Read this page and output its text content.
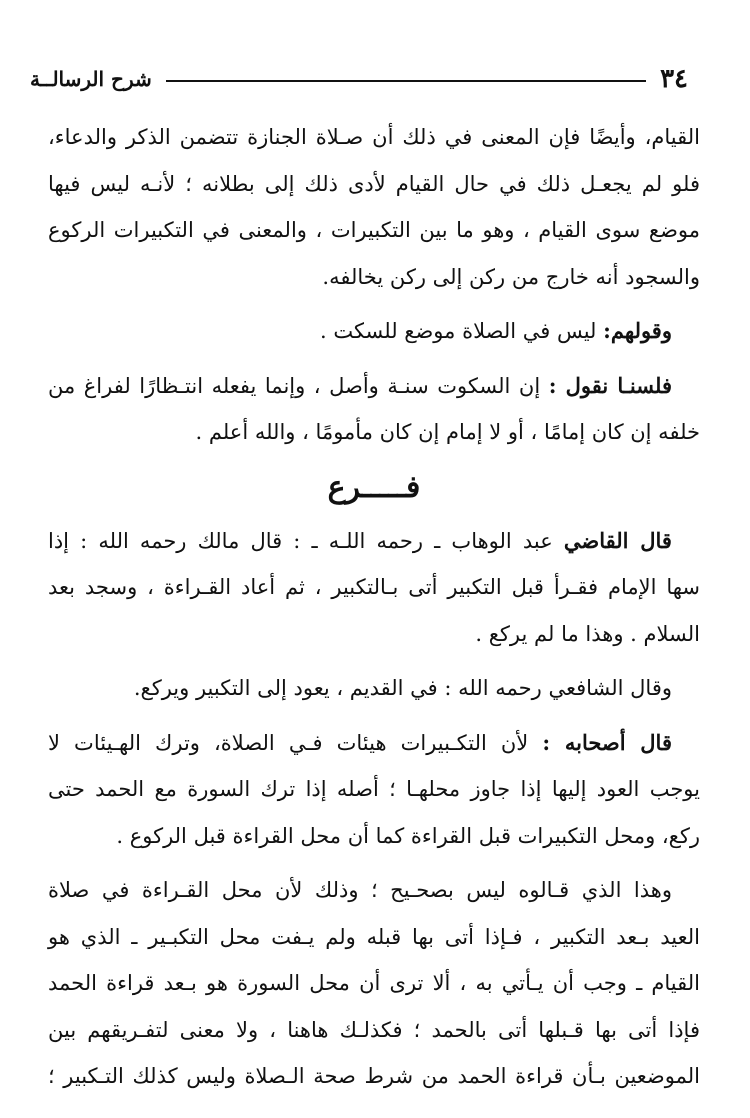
٣٤
شرح الرسالــة

القيام، وأيضًا فإن المعنى في ذلك أن صـلاة الجنازة تتضمن الذكر والدعاء،
فلو لم يجعـل ذلك في حال القيام لأدى ذلك إلى بطلانه ؛ لأنـه ليس فيها
موضع سوى القيام ، وهو ما بين التكبيرات ، والمعنى في التكبيرات الركوع
والسجود أنه خارج من ركن إلى ركن يخالفه.

وقولهم: ليس في الصلاة موضع للسكت .

فلسنـا نقول : إن السكوت سنـة وأصل ، وإنما يفعله انتـظارًا لفراغ من
خلفه إن كان إمامًا ، أو لا إمام إن كان مأمومًا ، والله أعلم .

فـــــرع

قال القاضي عبد الوهاب ـ رحمه اللـه ـ : قال مالك رحمه الله : إذا
سها الإمام فقـرأ قبل التكبير أتى بـالتكبير ، ثم أعاد القـراءة ، وسجد بعد
السلام . وهذا ما لم يركع .

وقال الشافعي رحمه الله : في القديم ، يعود إلى التكبير ويركع.

قال أصحابه : لأن التكـبيرات هيئات فـي الصلاة، وترك الهـيئات لا
يوجب العود إليها إذا جاوز محلهـا ؛ أصله إذا ترك السورة مع الحمد حتى
ركع، ومحل التكبيرات قبل القراءة كما أن محل القراءة قبل الركوع .

وهذا الذي قـالوه ليس بصحـيح ؛ وذلك لأن محل القـراءة في صلاة
العيد بـعد التكبير ، فـإذا أتى بها قبله ولم يـفت محل التكبـير ـ الذي هو
القيام ـ وجب أن يـأتي به ، ألا ترى أن محل السورة هو بـعد قراءة الحمد
فإذا أتى بها قـبلها أتى بالحمد ؛ فكذلـك هاهنا ، ولا معنى لتفـريقهم بين
الموضعين بـأن قراءة الحمد من شرط صحة الـصلاة وليس كذلك التـكبير ؛
